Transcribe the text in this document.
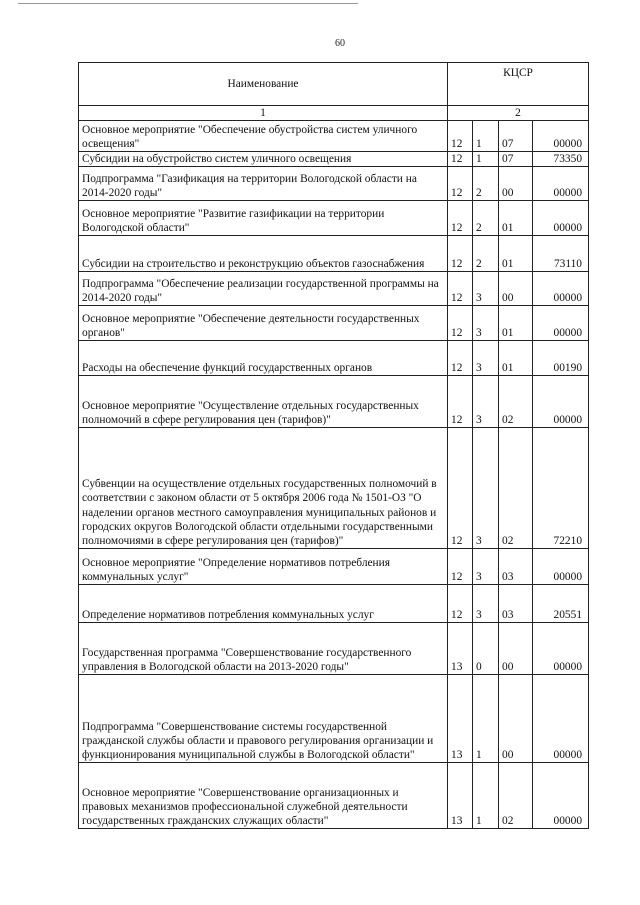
60
Наименование	КЦСР			
1	2			
Основное мероприятие "Обеспечение обустройства систем уличного освещения"	12	1	07	00000
Субсидии на обустройство систем уличного освещения	12	1	07	73350
Подпрограмма "Газификация на территории Вологодской области на 2014-2020 годы"	12	2	00	00000
Основное мероприятие "Развитие газификации на территории Вологодской области"	12	2	01	00000
Субсидии на строительство и реконструкцию объектов газоснабжения	12	2	01	73110
Подпрограмма "Обеспечение реализации государственной программы на 2014-2020 годы"	12	3	00	00000
Основное мероприятие "Обеспечение деятельности государственных органов"	12	3	01	00000
Расходы на обеспечение функций государственных органов	12	3	01	00190
Основное мероприятие "Осуществление отдельных государственных полномочий в сфере регулирования цен (тарифов)"	12	3	02	00000
Субвенции на осуществление отдельных государственных полномочий в соответствии с законом области от 5 октября 2006 года № 1501-ОЗ "О наделении органов местного самоуправления муниципальных районов и городских округов Вологодской области отдельными государственными полномочиями в сфере регулирования цен (тарифов)"	12	3	02	72210
Основное мероприятие "Определение нормативов потребления коммунальных услуг"	12	3	03	00000
Определение нормативов потребления коммунальных услуг	12	3	03	20551
Государственная программа "Совершенствование государственного управления в Вологодской области на 2013-2020 годы"	13	0	00	00000
Подпрограмма "Совершенствование системы государственной гражданской службы области и правового регулирования организации и функционирования муниципальной службы в Вологодской области"	13	1	00	00000
Основное мероприятие "Совершенствование организационных и правовых механизмов профессиональной служебной деятельности государственных гражданских служащих области"	13	1	02	00000
